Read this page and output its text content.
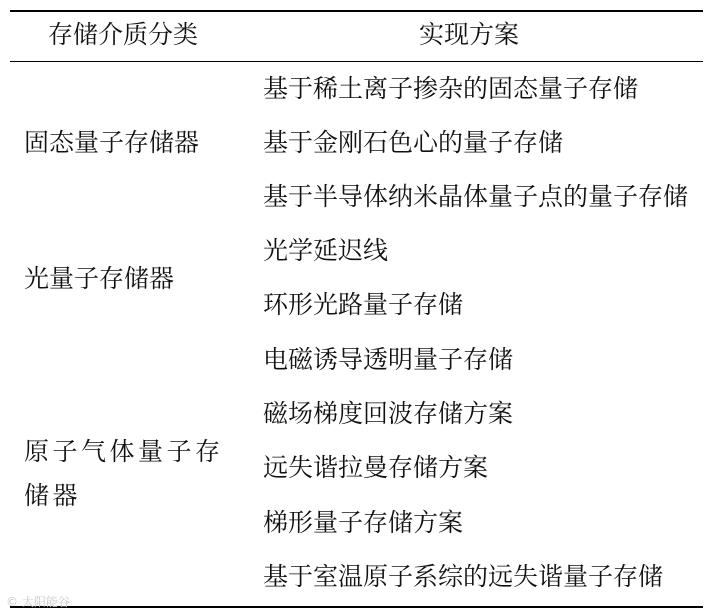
存储介质分类	实现方案
固态量子存储器
光量子存储器
原子气体量子存储器
基于稀土离子掺杂的固态量子存储
基于金刚石色心的量子存储
基于半导体纳米晶体量子点的量子存储
光学延迟线
环形光路量子存储
电磁诱导透明量子存储
磁场梯度回波存储方案
远失谐拉曼存储方案
梯形量子存储方案
基于室温原子系综的远失谐量子存储
© 太阳能谷
